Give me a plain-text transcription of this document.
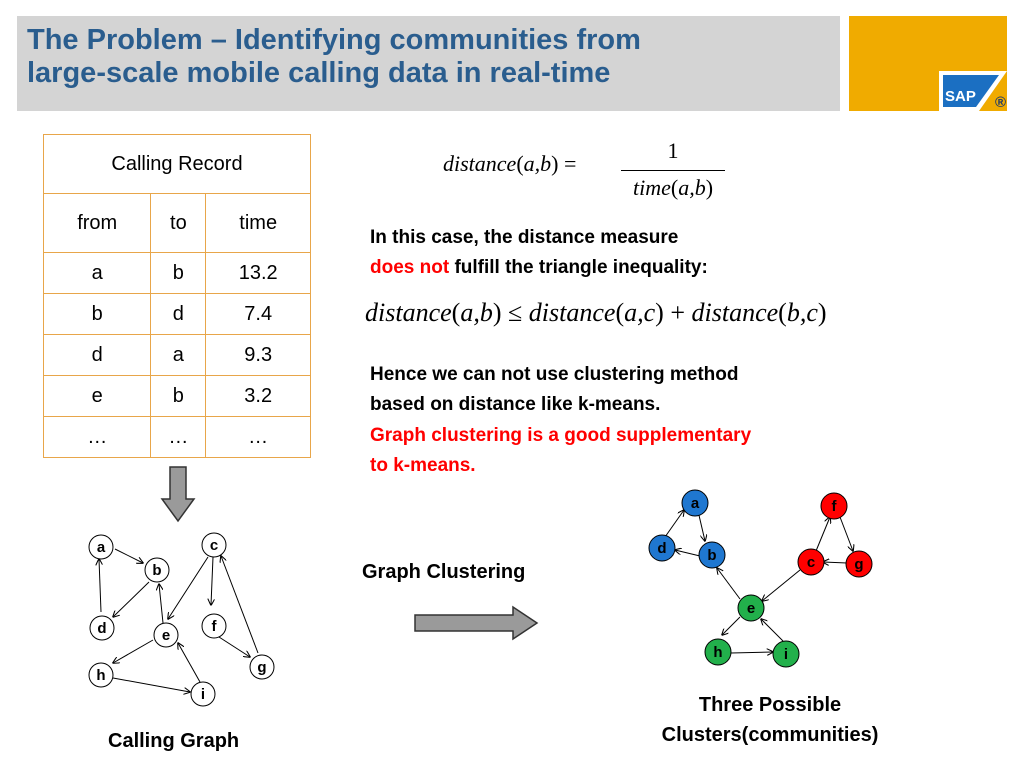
The Problem – Identifying communities from
large-scale mobile calling data in real-time
SAP ®
Calling Record		
from	to	time
a	b	13.2
b	d	7.4
d	a	9.3
e	b	3.2
…	…	…
distance(a,b) =
1
time(a,b)
In this case, the distance measure
does not fulfill the triangle inequality:
distance(a,b) ≤ distance(a,c) + distance(b,c)
Hence we can not use clustering method
based on distance like k-means.
Graph clustering is a good supplementary
to k-means.
a
b
c
d	e
f
g
h
i
Calling Graph
Graph Clustering
a
d	b
f
c	g
e
h	i
Three Possible
Clusters(communities)
